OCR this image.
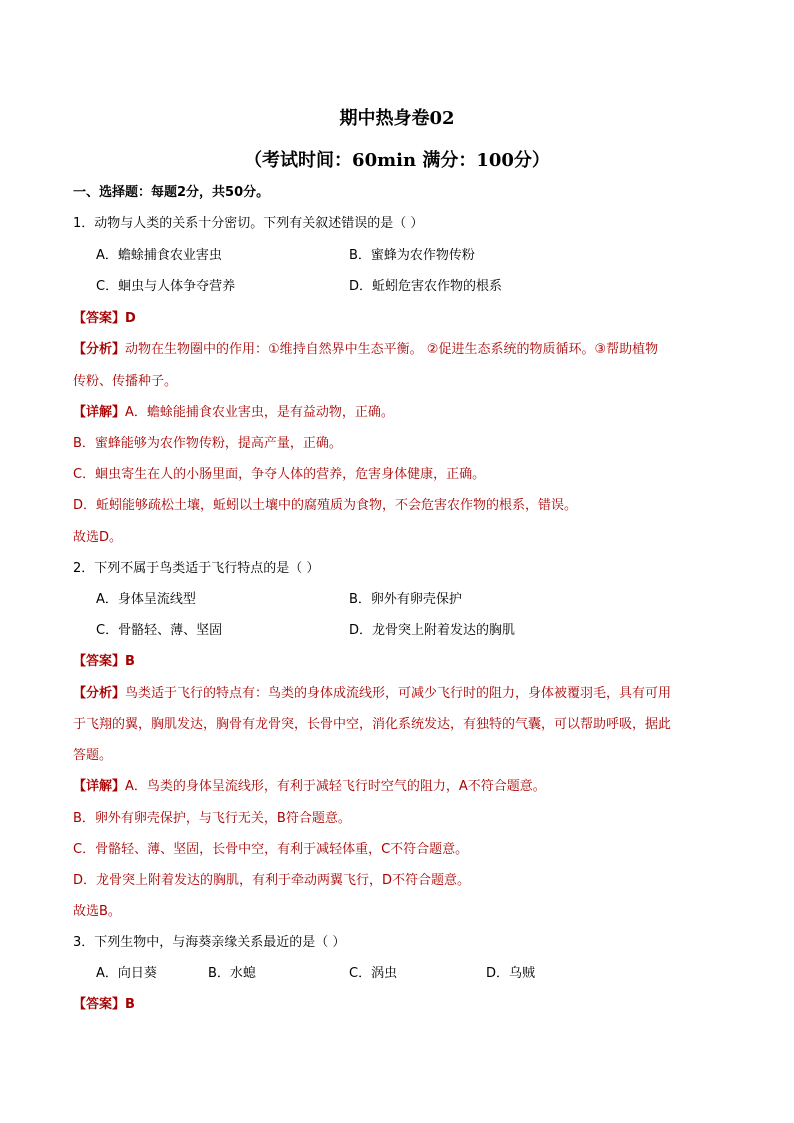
期中热身卷02
（考试时间：60min 满分：100分）
一、选择题：每题2分，共50分。
1．动物与人类的关系十分密切。下列有关叙述错误的是（ ）
A．蟾蜍捕食农业害虫	B．蜜蜂为农作物传粉
C．蛔虫与人体争夺营养	D．蚯蚓危害农作物的根系
【答案】D
【分析】动物在生物圈中的作用：①维持自然界中生态平衡。 ②促进生态系统的物质循环。③帮助植物
传粉、传播种子。
【详解】A．蟾蜍能捕食农业害虫，是有益动物，正确。
B．蜜蜂能够为农作物传粉，提高产量，正确。
C．蛔虫寄生在人的小肠里面，争夺人体的营养，危害身体健康，正确。
D．蚯蚓能够疏松土壤，蚯蚓以土壤中的腐殖质为食物，不会危害农作物的根系，错误。
故选D。
2．下列不属于鸟类适于飞行特点的是（ ）
A．身体呈流线型	B．卵外有卵壳保护
C．骨骼轻、薄、坚固	D．龙骨突上附着发达的胸肌
【答案】B
【分析】鸟类适于飞行的特点有：鸟类的身体成流线形，可减少飞行时的阻力，身体被覆羽毛，具有可用
于飞翔的翼，胸肌发达，胸骨有龙骨突，长骨中空，消化系统发达，有独特的气囊，可以帮助呼吸，据此
答题。
【详解】A．鸟类的身体呈流线形，有利于减轻飞行时空气的阻力，A不符合题意。
B．卵外有卵壳保护，与飞行无关，B符合题意。
C．骨骼轻、薄、坚固，长骨中空，有利于减轻体重，C不符合题意。
D．龙骨突上附着发达的胸肌，有利于牵动两翼飞行，D不符合题意。
故选B。
3．下列生物中，与海葵亲缘关系最近的是（ ）
A．向日葵	B．水螅	C．涡虫	D．乌贼
【答案】B
